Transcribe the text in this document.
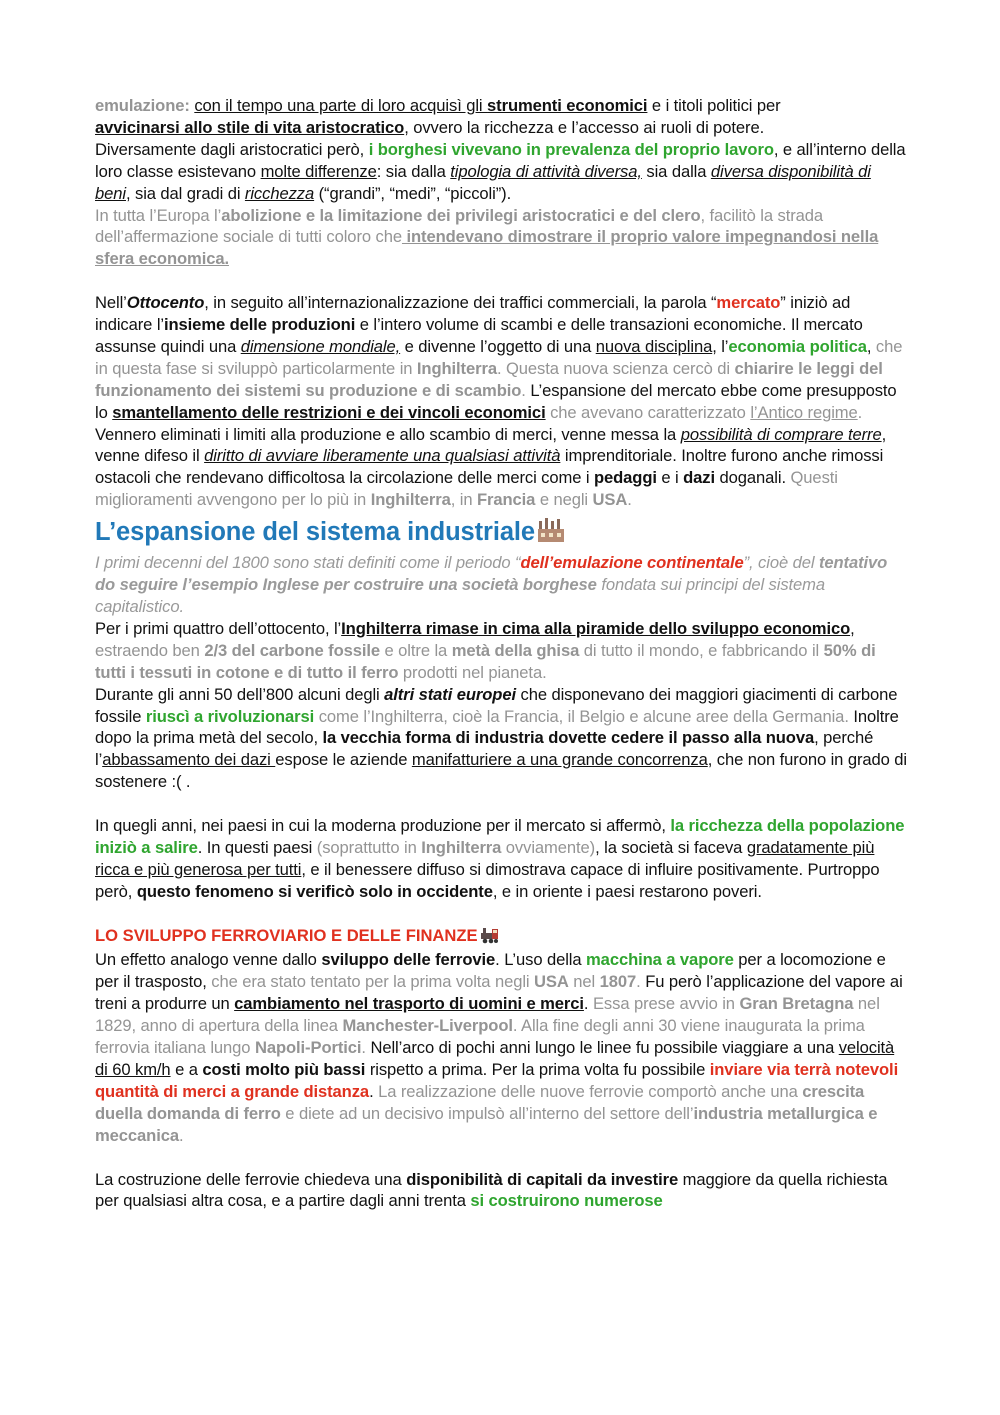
emulazione: con il tempo una parte di loro acquisì gli strumenti economici e i titoli politici per
avvicinarsi allo stile di vita aristocratico, ovvero la ricchezza e l’accesso ai ruoli di potere.
Diversamente dagli aristocratici però, i borghesi vivevano in prevalenza del proprio lavoro, e all’interno della loro classe esistevano molte differenze: sia dalla tipologia di attività diversa, sia dalla diversa disponibilità di beni, sia dal gradi di ricchezza (“grandi”, “medi”, “piccoli”).
In tutta l’Europa l’abolizione e la limitazione dei privilegi aristocratici e del clero, facilitò la strada dell’affermazione sociale di tutti coloro che intendevano dimostrare il proprio valore impegnandosi nella sfera economica.

Nell’Ottocento, in seguito all’internazionalizzazione dei traffici commerciali, la parola “mercato” iniziò ad indicare l’insieme delle produzioni e l’intero volume di scambi e delle transazioni economiche. Il mercato assunse quindi una dimensione mondiale, e divenne l’oggetto di una nuova disciplina, l’economia politica, che in questa fase si sviluppò particolarmente in Inghilterra. Questa nuova scienza cercò di chiarire le leggi del funzionamento dei sistemi su produzione e di scambio. L’espansione del mercato ebbe come presupposto lo smantellamento delle restrizioni e dei vincoli economici che avevano caratterizzato l’Antico regime. Vennero eliminati i limiti alla produzione e allo scambio di merci, venne messa la possibilità di comprare terre, venne difeso il diritto di avviare liberamente una qualsiasi attività imprenditoriale. Inoltre furono anche rimossi ostacoli che rendevano difficoltosa la circolazione delle merci come i pedaggi e i dazi doganali. Questi miglioramenti avvengono per lo più in Inghilterra, in Francia e negli USA.

L’espansione del sistema industriale

I primi decenni del 1800 sono stati definiti come il periodo “dell’emulazione continentale”, cioè del tentativo do seguire l’esempio Inglese per costruire una società borghese fondata sui principi del sistema capitalistico.

Per i primi quattro dell’ottocento, l’Inghilterra rimase in cima alla piramide dello sviluppo economico, estraendo ben 2/3 del carbone fossile e oltre la metà della ghisa di tutto il mondo, e fabbricando il 50% di tutti i tessuti in cotone e di tutto il ferro prodotti nel pianeta.

Durante gli anni 50 dell’800 alcuni degli altri stati europei che disponevano dei maggiori giacimenti di carbone fossile riuscì a rivoluzionarsi come l’Inghilterra, cioè la Francia, il Belgio e alcune aree della Germania. Inoltre dopo la prima metà del secolo, la vecchia forma di industria dovette cedere il passo alla nuova, perché l’abbassamento dei dazi espose le aziende manifatturiere a una grande concorrenza, che non furono in grado di sostenere :( .

In quegli anni, nei paesi in cui la moderna produzione per il mercato si affermò, la ricchezza della popolazione iniziò a salire. In questi paesi (soprattutto in Inghilterra ovviamente), la società si faceva gradatamente più ricca e più generosa per tutti, e il benessere diffuso si dimostrava capace di influire positivamente. Purtroppo però, questo fenomeno si verificò solo in occidente, e in oriente i paesi restarono poveri.

LO SVILUPPO FERROVIARIO E DELLE FINANZE

Un effetto analogo venne dallo sviluppo delle ferrovie. L’uso della macchina a vapore per a locomozione e per il trasposto, che era stato tentato per la prima volta negli USA nel 1807. Fu però l’applicazione del vapore ai treni a produrre un cambiamento nel trasporto di uomini e merci. Essa prese avvio in Gran Bretagna nel 1829, anno di apertura della linea Manchester-Liverpool. Alla fine degli anni 30 viene inaugurata la prima ferrovia italiana lungo Napoli-Portici. Nell’arco di pochi anni lungo le linee fu possibile viaggiare a una velocità di 60 km/h e a costi molto più bassi rispetto a prima. Per la prima volta fu possibile inviare via terrà notevoli quantità di merci a grande distanza. La realizzazione delle nuove ferrovie comportò anche una crescita duella domanda di ferro e diete ad un decisivo impulsò all’interno del settore dell’industria metallurgica e meccanica.

La costruzione delle ferrovie chiedeva una disponibilità di capitali da investire maggiore da quella richiesta per qualsiasi altra cosa, e a partire dagli anni trenta si costruirono numerose
